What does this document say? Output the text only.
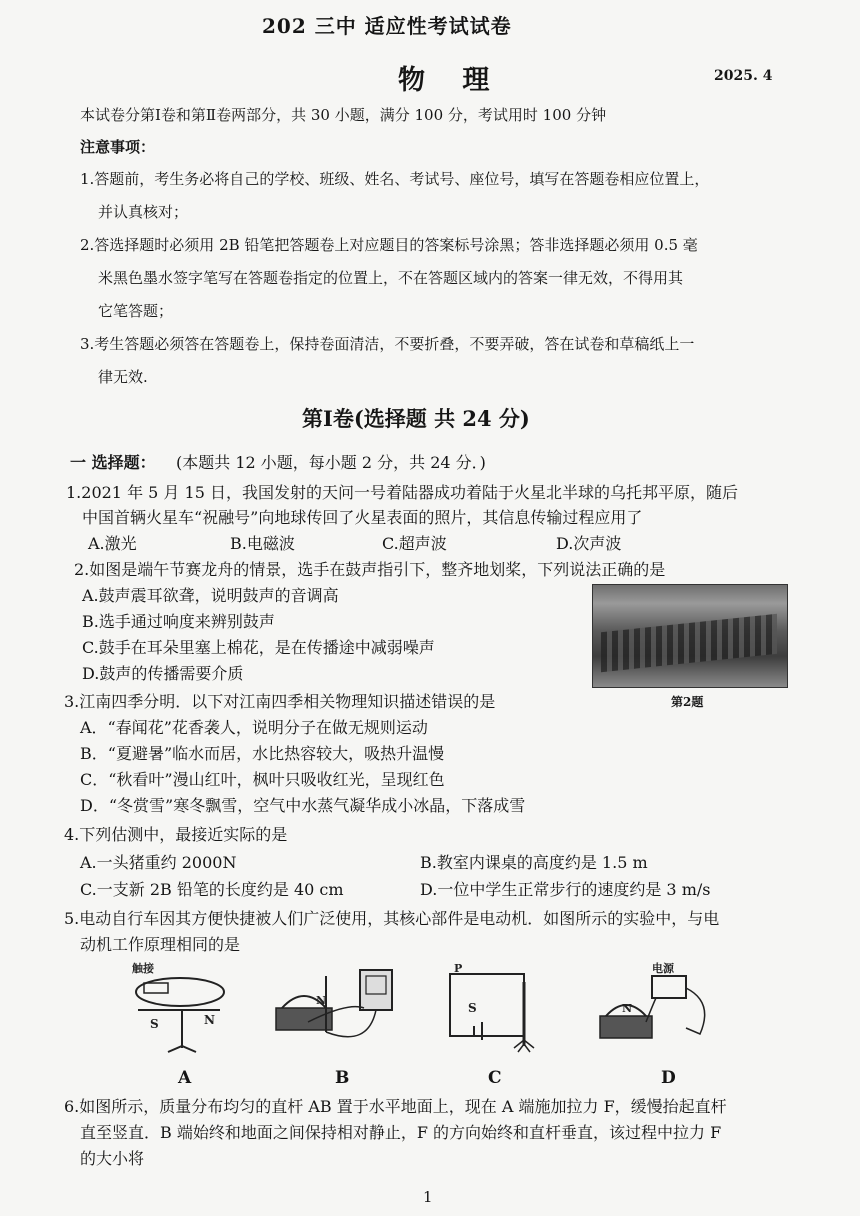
202 三中 适应性考试试卷
物 理	2025. 4
本试卷分第Ⅰ卷和第Ⅱ卷两部分，共 30 小题，满分 100 分，考试用时 100 分钟
注意事项：
1.答题前，考生务必将自己的学校、班级、姓名、考试号、座位号，填写在答题卷相应位置上，
并认真核对；
2.答选择题时必须用 2B 铅笔把答题卷上对应题目的答案标号涂黑；答非选择题必须用 0.5 毫
米黑色墨水签字笔写在答题卷指定的位置上，不在答题区域内的答案一律无效，不得用其
它笔答题；
3.考生答题必须答在答题卷上，保持卷面清洁，不要折叠，不要弄破，答在试卷和草稿纸上一
律无效.
第Ⅰ卷(选择题 共 24 分)
一 选择题： (本题共 12 小题，每小题 2 分，共 24 分．)
1.2021 年 5 月 15 日，我国发射的天问一号着陆器成功着陆于火星北半球的乌托邦平原，随后
中国首辆火星车“祝融号”向地球传回了火星表面的照片，其信息传输过程应用了
A.激光	B.电磁波	C.超声波	D.次声波
2.如图是端午节赛龙舟的情景，选手在鼓声指引下，整齐地划桨，下列说法正确的是
A.鼓声震耳欲聋，说明鼓声的音调高
B.选手通过响度来辨别鼓声
C.鼓手在耳朵里塞上棉花，是在传播途中减弱噪声
D.鼓声的传播需要介质
第2题
3.江南四季分明．以下对江南四季相关物理知识描述错误的是
A．“春闻花”花香袭人，说明分子在做无规则运动
B．“夏避暑”临水而居，水比热容较大，吸热升温慢
C．“秋看叶”漫山红叶，枫叶只吸收红光，呈现红色
D．“冬赏雪”寒冬飘雪，空气中水蒸气凝华成小冰晶，下落成雪
4.下列估测中，最接近实际的是
A.一头猪重约 2000N	B.教室内课桌的高度约是 1.5 m
C.一支新 2B 铅笔的长度约是 40 cm	D.一位中学生正常步行的速度约是 3 m/s
5.电动自行车因其方便快捷被人们广泛使用，其核心部件是电动机．如图所示的实验中，与电
动机工作原理相同的是
触接
S	N
N
P
S
电源
N
A	B	C	D
6.如图所示，质量分布均匀的直杆 AB 置于水平地面上，现在 A 端施加拉力 F，缓慢抬起直杆
直至竖直．B 端始终和地面之间保持相对静止，F 的方向始终和直杆垂直，该过程中拉力 F
的大小将
1
